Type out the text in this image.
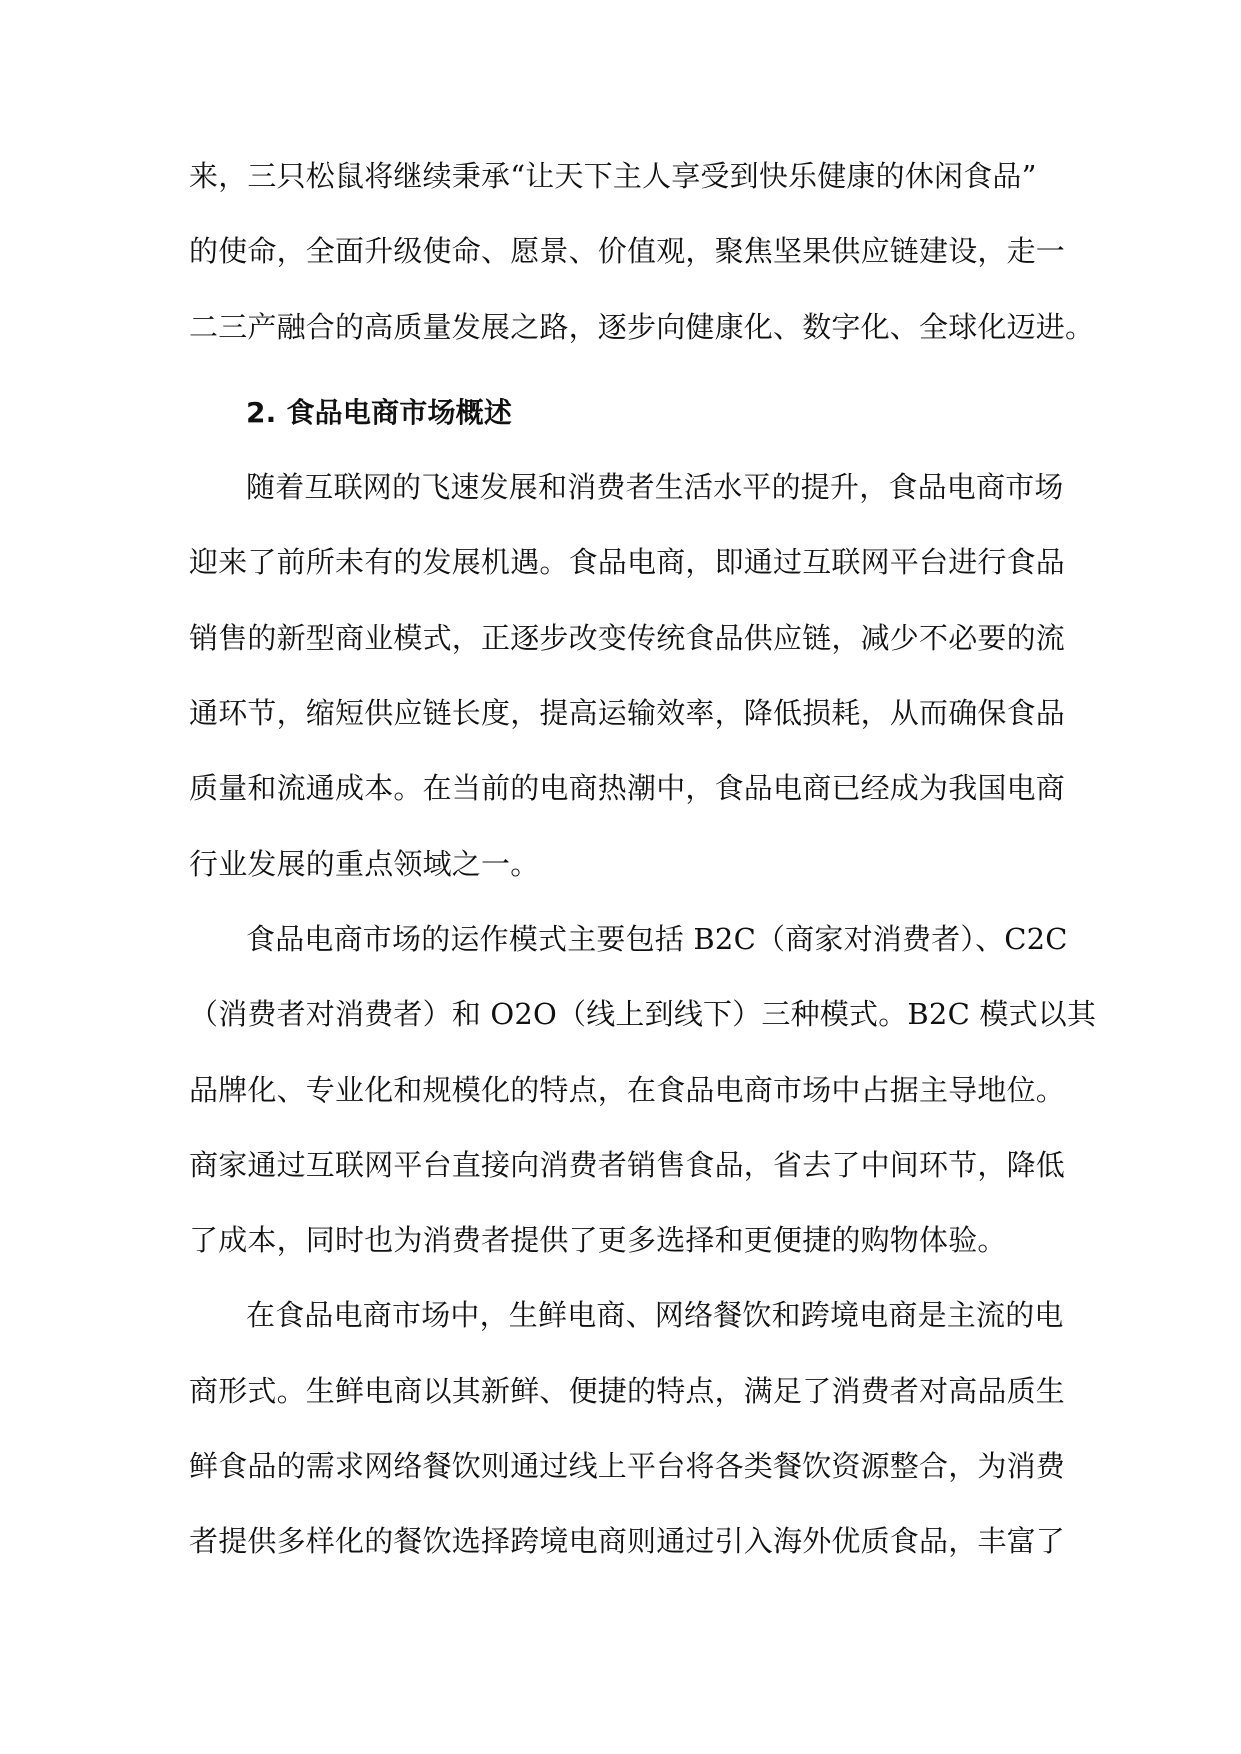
来，三只松鼠将继续秉承“让天下主人享受到快乐健康的休闲食品”
的使命，全面升级使命、愿景、价值观，聚焦坚果供应链建设，走一
二三产融合的高质量发展之路，逐步向健康化、数字化、全球化迈进。
2. 食品电商市场概述
随着互联网的飞速发展和消费者生活水平的提升，食品电商市场
迎来了前所未有的发展机遇。食品电商，即通过互联网平台进行食品
销售的新型商业模式，正逐步改变传统食品供应链，减少不必要的流
通环节，缩短供应链长度，提高运输效率，降低损耗，从而确保食品
质量和流通成本。在当前的电商热潮中，食品电商已经成为我国电商
行业发展的重点领域之一。
食品电商市场的运作模式主要包括 B2C（商家对消费者）、C2C
（消费者对消费者）和 O2O（线上到线下）三种模式。B2C 模式以其
品牌化、专业化和规模化的特点，在食品电商市场中占据主导地位。
商家通过互联网平台直接向消费者销售食品，省去了中间环节，降低
了成本，同时也为消费者提供了更多选择和更便捷的购物体验。
在食品电商市场中，生鲜电商、网络餐饮和跨境电商是主流的电
商形式。生鲜电商以其新鲜、便捷的特点，满足了消费者对高品质生
鲜食品的需求网络餐饮则通过线上平台将各类餐饮资源整合，为消费
者提供多样化的餐饮选择跨境电商则通过引入海外优质食品，丰富了
